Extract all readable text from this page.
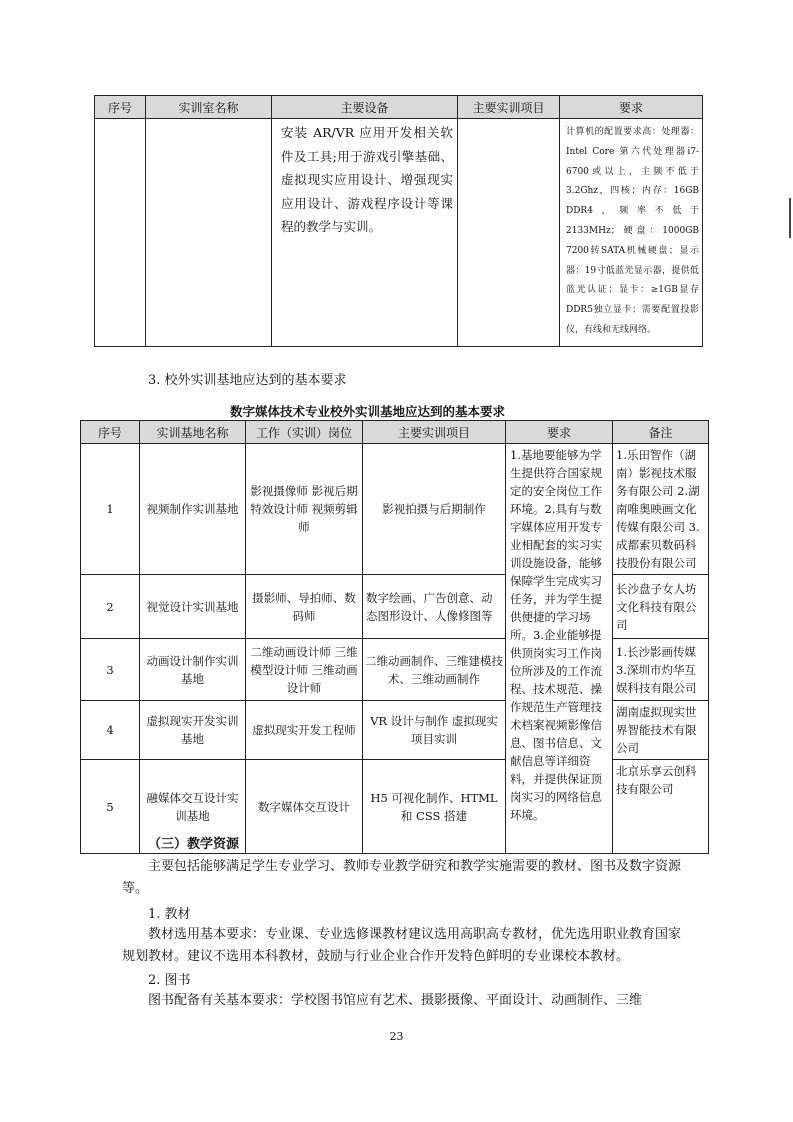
序号	实训室名称	主要设备	主要实训项目	要求
		安装 AR/VR 应用开发相关软件及工具;用于游戏引擎基础、虚拟现实应用设计、增强现实应用设计、游戏程序设计等课程的教学与实训。		计算机的配置要求高：处理器：Intel Core 第六代处理器i7-6700或以上，主频不低于3.2Ghz，四核；内存：16GB DDR4，频率不低于2133MHz；硬盘：1000GB 7200转SATA机械硬盘；显示器：19寸低蓝光显示器，提供低蓝光认证；显卡：≥1GB显存DDR5独立显卡；需要配置投影仪，有线和无线网络。
3. 校外实训基地应达到的基本要求
数字媒体技术专业校外实训基地应达到的基本要求
序号	实训基地名称	工作（实训）岗位	主要实训项目	要求	备注
1	视频制作实训基地	影视摄像师 影视后期特效设计师 视频剪辑师	影视拍摄与后期制作	1.基地要能够为学生提供符合国家规定的安全岗位工作环境。2.具有与数字媒体应用开发专业相配套的实习实训设施设备，能够保障学生完成实习任务，并为学生提供便捷的学习场所。3.企业能够提供顶岗实习工作岗位所涉及的工作流程、技术规范、操作规范生产管理技术档案视频影像信息、图书信息、文献信息等详细资料，并提供保证顶岗实习的网络信息环境。	1.乐田智作（湖南）影视技术服务有限公司 2.湖南唯奥映画文化传媒有限公司 3.成都索贝数码科技股份有限公司
2	视觉设计实训基地	摄影师、导拍师、数码师	数字绘画、广告创意、动态图形设计、人像修图等		长沙盘子女人坊文化科技有限公司
3	动画设计制作实训基地	二维动画设计师 三维模型设计师 三维动画设计师	二维动画制作、三维建模技术、三维动画制作		1.长沙影画传媒 3.深圳市灼华互娱科技有限公司
4	虚拟现实开发实训基地	虚拟现实开发工程师	VR 设计与制作 虚拟现实项目实训		湖南虚拟现实世界智能技术有限公司
5	融媒体交互设计实训基地	数字媒体交互设计	H5 可视化制作、HTML 和 CSS 搭建		北京乐享云创科技有限公司
（三）教学资源
主要包括能够满足学生专业学习、教师专业教学研究和教学实施需要的教材、图书及数字资源等。
1. 教材
教材选用基本要求：专业课、专业选修课教材建议选用高职高专教材，优先选用职业教育国家规划教材。建议不选用本科教材，鼓励与行业企业合作开发特色鲜明的专业课校本教材。
2. 图书
图书配备有关基本要求：学校图书馆应有艺术、摄影摄像、平面设计、动画制作、三维
23
